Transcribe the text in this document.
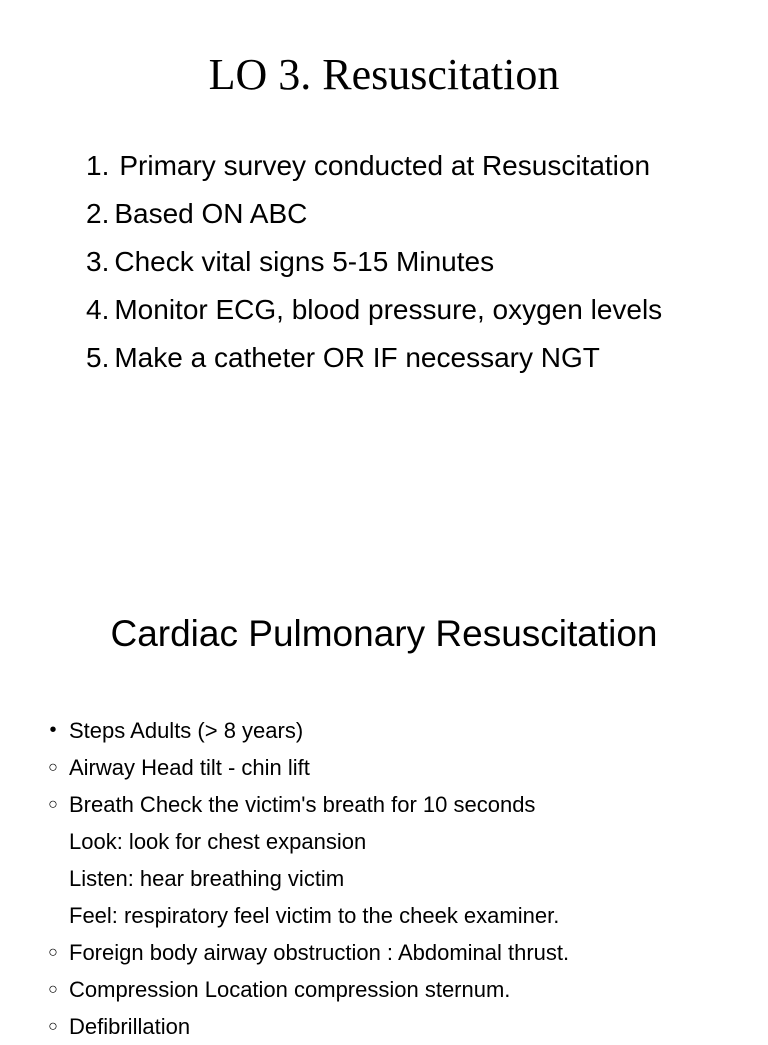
LO 3. Resuscitation
1. Primary survey conducted at Resuscitation
2. Based ON ABC
3. Check vital signs 5-15 Minutes
4. Monitor ECG, blood pressure, oxygen levels
5. Make a catheter OR IF necessary NGT
Cardiac Pulmonary Resuscitation
• Steps Adults (> 8 years)
○ Airway Head tilt - chin lift
○ Breath Check the victim's breath for 10 seconds
Look: look for chest expansion
Listen: hear breathing victim
Feel: respiratory feel victim to the cheek examiner.
○ Foreign body airway obstruction : Abdominal thrust.
○ Compression Location compression sternum.
○ Defibrillation
